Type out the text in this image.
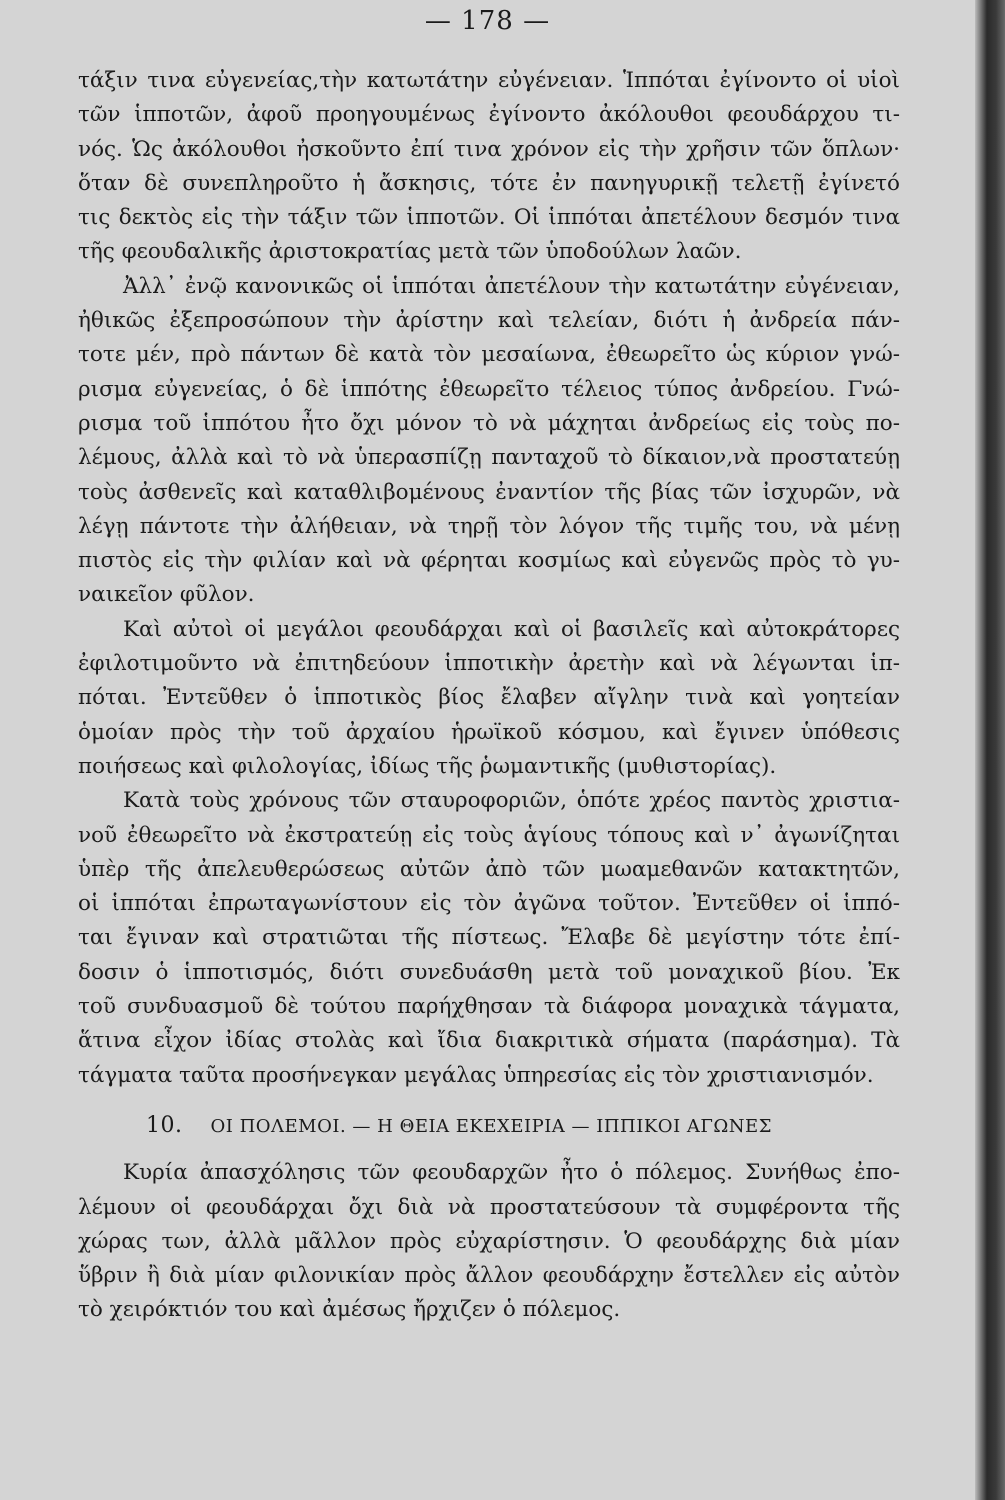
— 178 —
τάξιν τινα εὐγενείας,τὴν κατωτάτην εὐγένειαν. Ἱππόται ἐγίνοντο οἱ υἱοὶ
τῶν ἱπποτῶν, ἀφοῦ προηγουμένως ἐγίνοντο ἀκόλουθοι φεουδάρχου τι-
νός. Ὡς ἀκόλουθοι ἠσκοῦντο ἐπί τινα χρόνον εἰς τὴν χρῆσιν τῶν ὅπλων·
ὅταν δὲ συνεπληροῦτο ἡ ἄσκησις, τότε ἐν πανηγυρικῇ τελετῇ ἐγίνετό
τις δεκτὸς εἰς τὴν τάξιν τῶν ἱπποτῶν. Οἱ ἱππόται ἀπετέλουν δεσμόν τινα
τῆς φεουδαλικῆς ἀριστοκρατίας μετὰ τῶν ὑποδούλων λαῶν.
Ἀλλ᾽ ἐνῷ κανονικῶς οἱ ἱππόται ἀπετέλουν τὴν κατωτάτην εὐγένειαν,
ἠθικῶς ἐξεπροσώπουν τὴν ἀρίστην καὶ τελείαν, διότι ἡ ἀνδρεία πάν-
τοτε μέν, πρὸ πάντων δὲ κατὰ τὸν μεσαίωνα, ἐθεωρεῖτο ὡς κύριον γνώ-
ρισμα εὐγενείας, ὁ δὲ ἱππότης ἐθεωρεῖτο τέλειος τύπος ἀνδρείου. Γνώ-
ρισμα τοῦ ἱππότου ἦτο ὄχι μόνον τὸ νὰ μάχηται ἀνδρείως εἰς τοὺς πο-
λέμους, ἀλλὰ καὶ τὸ νὰ ὑπερασπίζῃ πανταχοῦ τὸ δίκαιον,νὰ προστατεύῃ
τοὺς ἀσθενεῖς καὶ καταθλιβομένους ἐναντίον τῆς βίας τῶν ἰσχυρῶν, νὰ
λέγῃ πάντοτε τὴν ἀλήθειαν, νὰ τηρῇ τὸν λόγον τῆς τιμῆς του, νὰ μένῃ
πιστὸς εἰς τὴν φιλίαν καὶ νὰ φέρηται κοσμίως καὶ εὐγενῶς πρὸς τὸ γυ-
ναικεῖον φῦλον.
Καὶ αὐτοὶ οἱ μεγάλοι φεουδάρχαι καὶ οἱ βασιλεῖς καὶ αὐτοκράτορες
ἐφιλοτιμοῦντο νὰ ἐπιτηδεύουν ἱπποτικὴν ἀρετὴν καὶ νὰ λέγωνται ἱπ-
πόται. Ἐντεῦθεν ὁ ἱπποτικὸς βίος ἔλαβεν αἴγλην τινὰ καὶ γοητείαν
ὁμοίαν πρὸς τὴν τοῦ ἀρχαίου ἡρωϊκοῦ κόσμου, καὶ ἔγινεν ὑπόθεσις
ποιήσεως καὶ φιλολογίας, ἰδίως τῆς ῥωμαντικῆς (μυθιστορίας).
Κατὰ τοὺς χρόνους τῶν σταυροφοριῶν, ὁπότε χρέος παντὸς χριστια-
νοῦ ἐθεωρεῖτο νὰ ἐκστρατεύῃ εἰς τοὺς ἁγίους τόπους καὶ ν᾽ ἀγωνίζηται
ὑπὲρ τῆς ἀπελευθερώσεως αὐτῶν ἀπὸ τῶν μωαμεθανῶν κατακτητῶν,
οἱ ἱππόται ἐπρωταγωνίστουν εἰς τὸν ἀγῶνα τοῦτον. Ἐντεῦθεν οἱ ἱππό-
ται ἔγιναν καὶ στρατιῶται τῆς πίστεως. Ἔλαβε δὲ μεγίστην τότε ἐπί-
δοσιν ὁ ἱπποτισμός, διότι συνεδυάσθη μετὰ τοῦ μοναχικοῦ βίου. Ἐκ
τοῦ συνδυασμοῦ δὲ τούτου παρήχθησαν τὰ διάφορα μοναχικὰ τάγματα,
ἅτινα εἶχον ἰδίας στολὰς καὶ ἴδια διακριτικὰ σήματα (παράσημα). Τὰ
τάγματα ταῦτα προσήνεγκαν μεγάλας ὑπηρεσίας εἰς τὸν χριστιανισμόν.
10. ΟΙ ΠΟΛΕΜΟΙ. — Η ΘΕΙΑ ΕΚΕΧΕΙΡΙΑ — ΙΠΠΙΚΟΙ ΑΓΩΝΕΣ
Κυρία ἀπασχόλησις τῶν φεουδαρχῶν ἦτο ὁ πόλεμος. Συνήθως ἐπο-
λέμουν οἱ φεουδάρχαι ὄχι διὰ νὰ προστατεύσουν τὰ συμφέροντα τῆς
χώρας των, ἀλλὰ μᾶλλον πρὸς εὐχαρίστησιν. Ὁ φεουδάρχης διὰ μίαν
ὕβριν ἢ διὰ μίαν φιλονικίαν πρὸς ἄλλον φεουδάρχην ἔστελλεν εἰς αὐτὸν
τὸ χειρόκτιόν του καὶ ἀμέσως ἤρχιζεν ὁ πόλεμος.
